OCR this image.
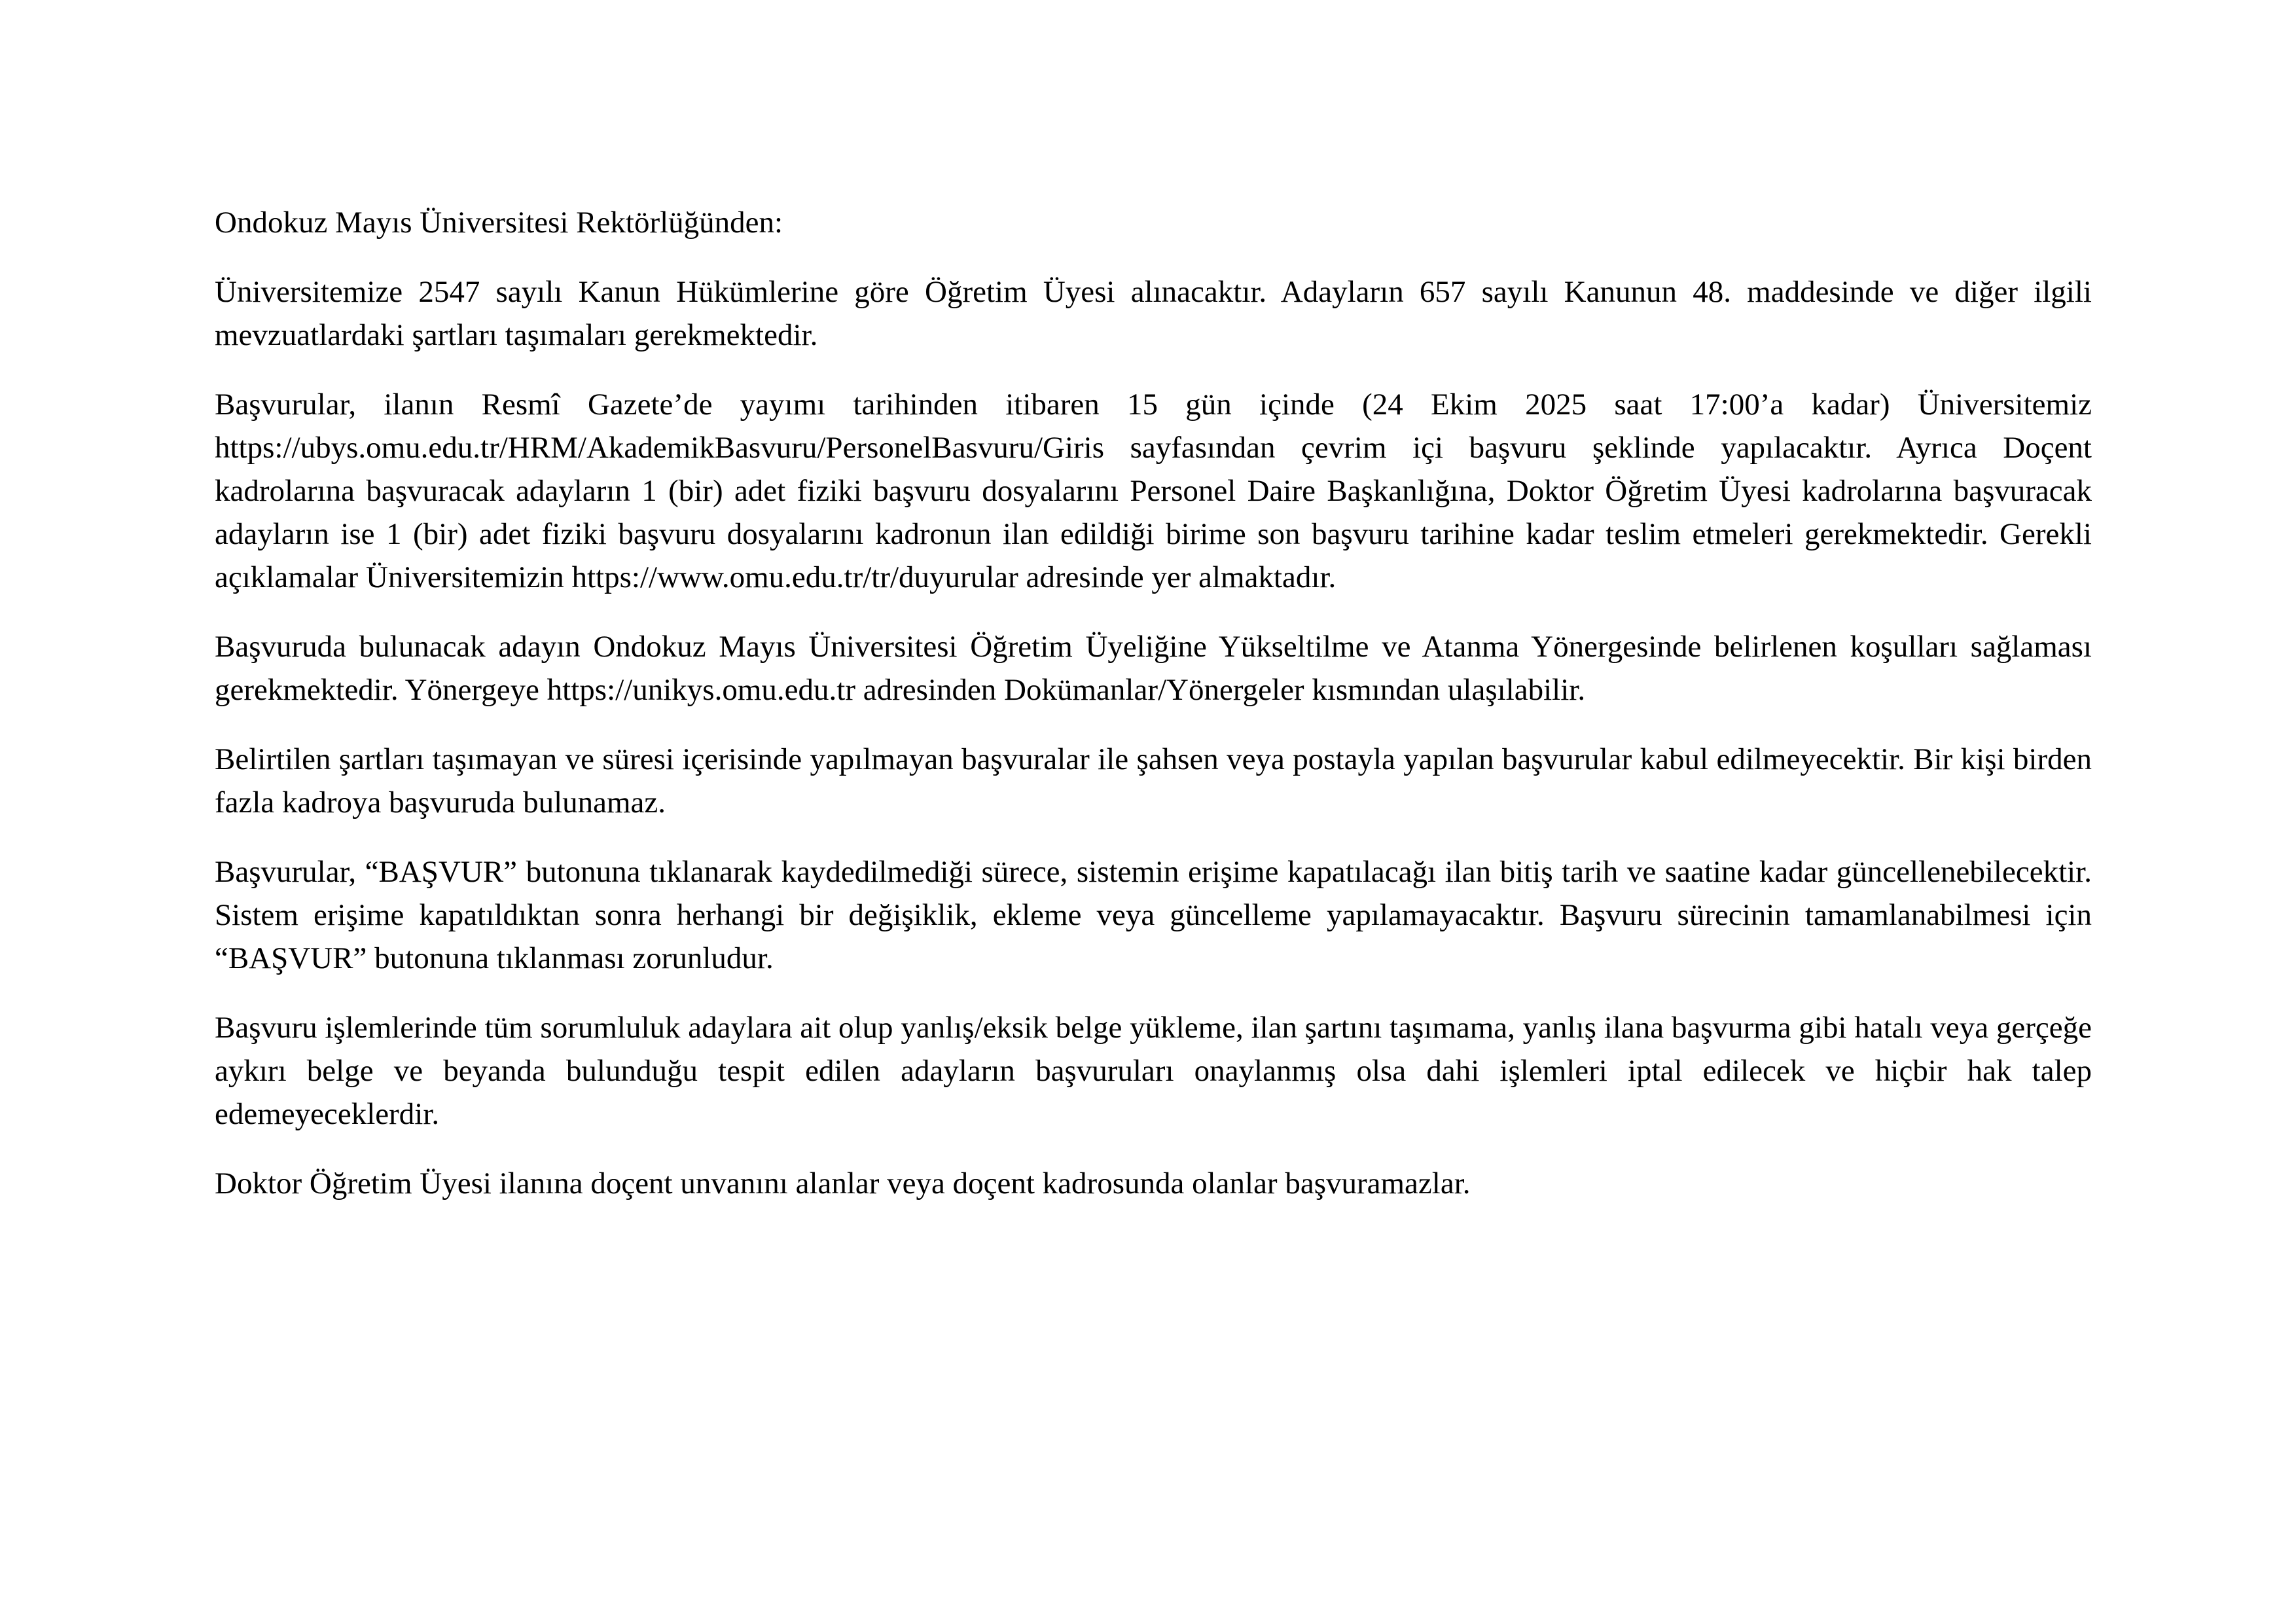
Ondokuz Mayıs Üniversitesi Rektörlüğünden:

Üniversitemize 2547 sayılı Kanun Hükümlerine göre Öğretim Üyesi alınacaktır. Adayların 657 sayılı Kanunun 48. maddesinde ve diğer ilgili mevzuatlardaki şartları taşımaları gerekmektedir.

Başvurular, ilanın Resmî Gazete’de yayımı tarihinden itibaren 15 gün içinde (24 Ekim 2025 saat 17:00’a kadar) Üniversitemiz https://ubys.omu.edu.tr/HRM/AkademikBasvuru/PersonelBasvuru/Giris sayfasından çevrim içi başvuru şeklinde yapılacaktır. Ayrıca Doçent kadrolarına başvuracak adayların 1 (bir) adet fiziki başvuru dosyalarını Personel Daire Başkanlığına, Doktor Öğretim Üyesi kadrolarına başvuracak adayların ise 1 (bir) adet fiziki başvuru dosyalarını kadronun ilan edildiği birime son başvuru tarihine kadar teslim etmeleri gerekmektedir. Gerekli açıklamalar Üniversitemizin https://www.omu.edu.tr/tr/duyurular adresinde yer almaktadır.

Başvuruda bulunacak adayın Ondokuz Mayıs Üniversitesi Öğretim Üyeliğine Yükseltilme ve Atanma Yönergesinde belirlenen koşulları sağlaması gerekmektedir. Yönergeye https://unikys.omu.edu.tr adresinden Dokümanlar/Yönergeler kısmından ulaşılabilir.

Belirtilen şartları taşımayan ve süresi içerisinde yapılmayan başvuralar ile şahsen veya postayla yapılan başvurular kabul edilmeyecektir. Bir kişi birden fazla kadroya başvuruda bulunamaz.

Başvurular, “BAŞVUR” butonuna tıklanarak kaydedilmediği sürece, sistemin erişime kapatılacağı ilan bitiş tarih ve saatine kadar güncellenebilecektir. Sistem erişime kapatıldıktan sonra herhangi bir değişiklik, ekleme veya güncelleme yapılamayacaktır. Başvuru sürecinin tamamlanabilmesi için “BAŞVUR” butonuna tıklanması zorunludur.

Başvuru işlemlerinde tüm sorumluluk adaylara ait olup yanlış/eksik belge yükleme, ilan şartını taşımama, yanlış ilana başvurma gibi hatalı veya gerçeğe aykırı belge ve beyanda bulunduğu tespit edilen adayların başvuruları onaylanmış olsa dahi işlemleri iptal edilecek ve hiçbir hak talep edemeyeceklerdir.

Doktor Öğretim Üyesi ilanına doçent unvanını alanlar veya doçent kadrosunda olanlar başvuramazlar.
